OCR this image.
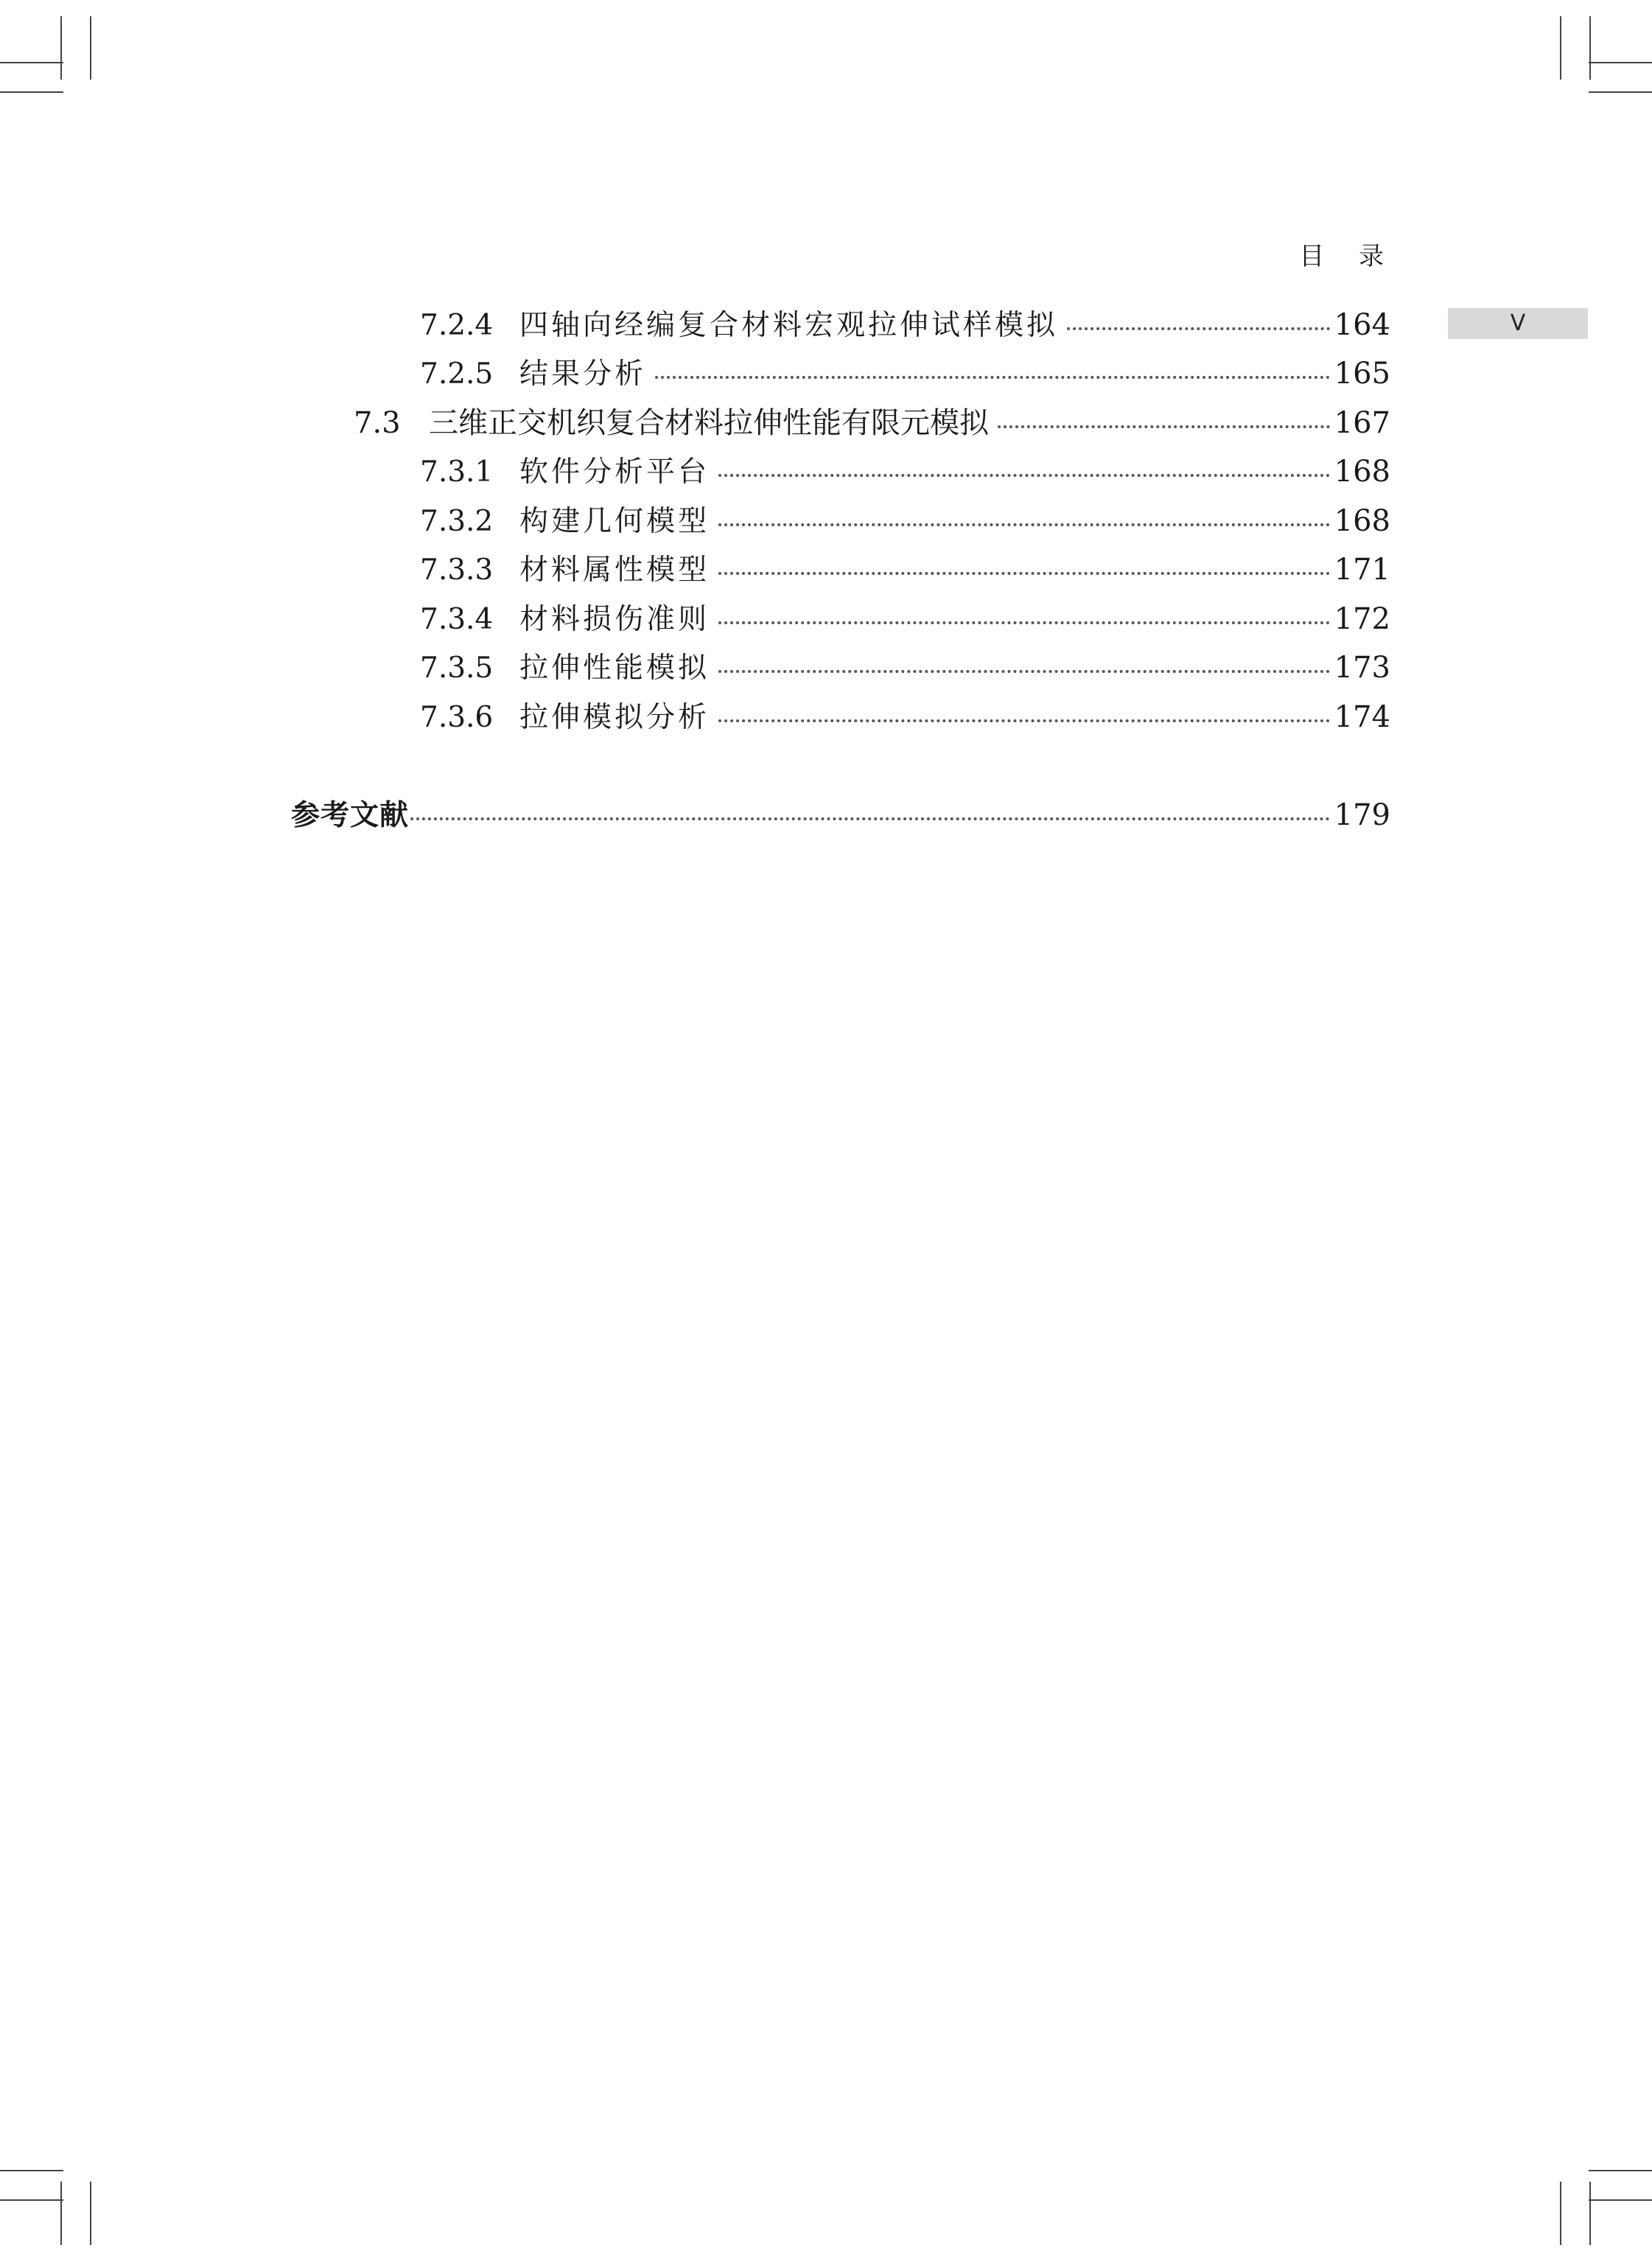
目 录
V
7.2.4 四轴向经编复合材料宏观拉伸试样模拟	164
7.2.5 结果分析	165
7.3 三维正交机织复合材料拉伸性能有限元模拟	167
7.3.1 软件分析平台	168
7.3.2 构建几何模型	168
7.3.3 材料属性模型	171
7.3.4 材料损伤准则	172
7.3.5 拉伸性能模拟	173
7.3.6 拉伸模拟分析	174
参考文献	179
